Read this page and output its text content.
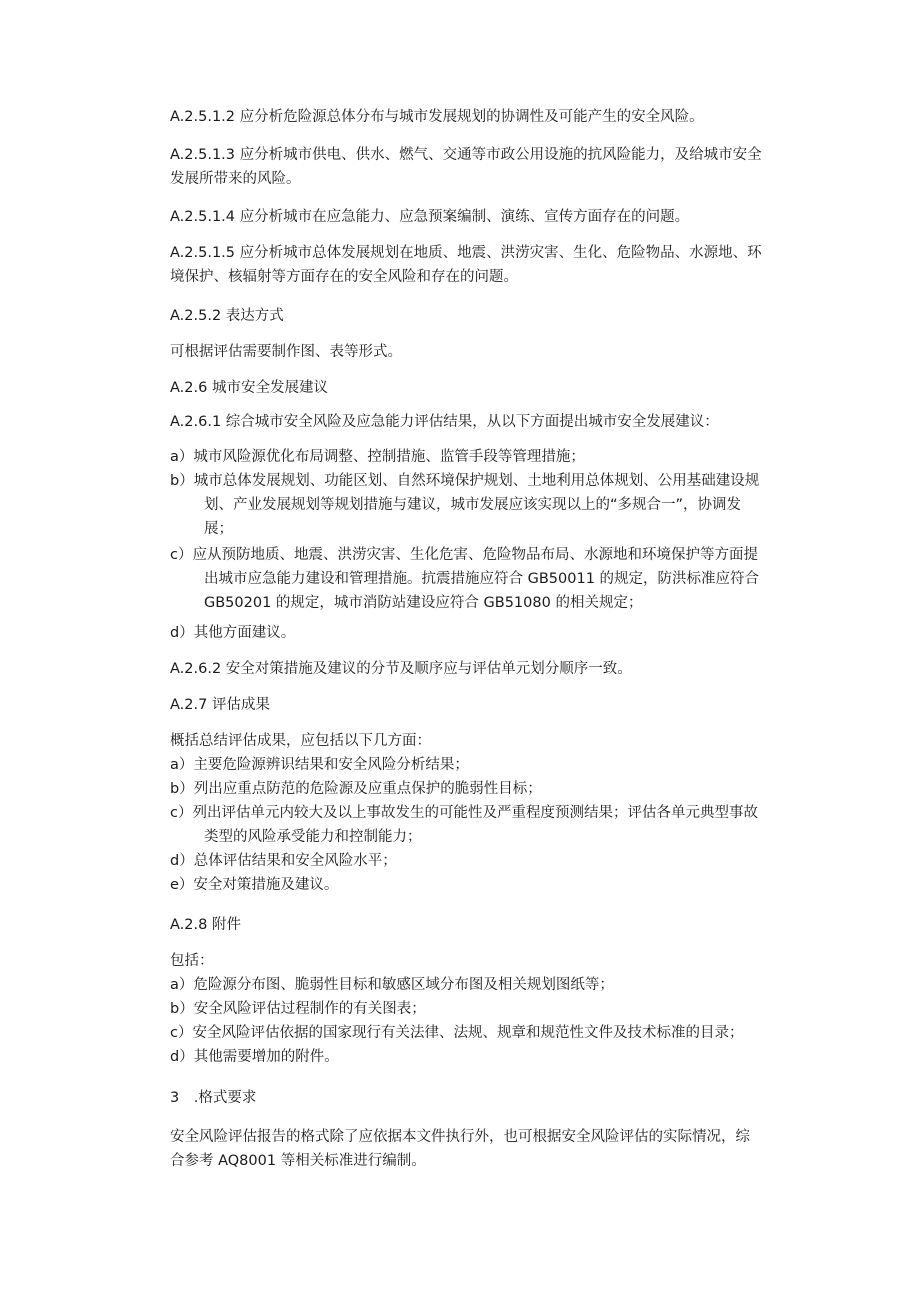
A.2.5.1.2 应分析危险源总体分布与城市发展规划的协调性及可能产生的安全风险。
A.2.5.1.3 应分析城市供电、供水、燃气、交通等市政公用设施的抗风险能力，及给城市安全
发展所带来的风险。
A.2.5.1.4 应分析城市在应急能力、应急预案编制、演练、宣传方面存在的问题。
A.2.5.1.5 应分析城市总体发展规划在地质、地震、洪涝灾害、生化、危险物品、水源地、环
境保护、核辐射等方面存在的安全风险和存在的问题。
A.2.5.2 表达方式
可根据评估需要制作图、表等形式。
A.2.6 城市安全发展建议
A.2.6.1 综合城市安全风险及应急能力评估结果，从以下方面提出城市安全发展建议：
a）城市风险源优化布局调整、控制措施、监管手段等管理措施；
b）城市总体发展规划、功能区划、自然环境保护规划、土地利用总体规划、公用基础建设规
划、产业发展规划等规划措施与建议，城市发展应该实现以上的“多规合一”，协调发
展；
c）应从预防地质、地震、洪涝灾害、生化危害、危险物品布局、水源地和环境保护等方面提
出城市应急能力建设和管理措施。抗震措施应符合 GB50011 的规定，防洪标准应符合
GB50201 的规定，城市消防站建设应符合 GB51080 的相关规定；
d）其他方面建议。
A.2.6.2 安全对策措施及建议的分节及顺序应与评估单元划分顺序一致。
A.2.7 评估成果
概括总结评估成果，应包括以下几方面：
a）主要危险源辨识结果和安全风险分析结果；
b）列出应重点防范的危险源及应重点保护的脆弱性目标；
c）列出评估单元内较大及以上事故发生的可能性及严重程度预测结果；评估各单元典型事故
类型的风险承受能力和控制能力；
d）总体评估结果和安全风险水平；
e）安全对策措施及建议。
A.2.8 附件
包括：
a）危险源分布图、脆弱性目标和敏感区域分布图及相关规划图纸等；
b）安全风险评估过程制作的有关图表；
c）安全风险评估依据的国家现行有关法律、法规、规章和规范性文件及技术标准的目录；
d）其他需要增加的附件。
3　.格式要求
安全风险评估报告的格式除了应依据本文件执行外，也可根据安全风险评估的实际情况，综
合参考 AQ8001 等相关标准进行编制。
